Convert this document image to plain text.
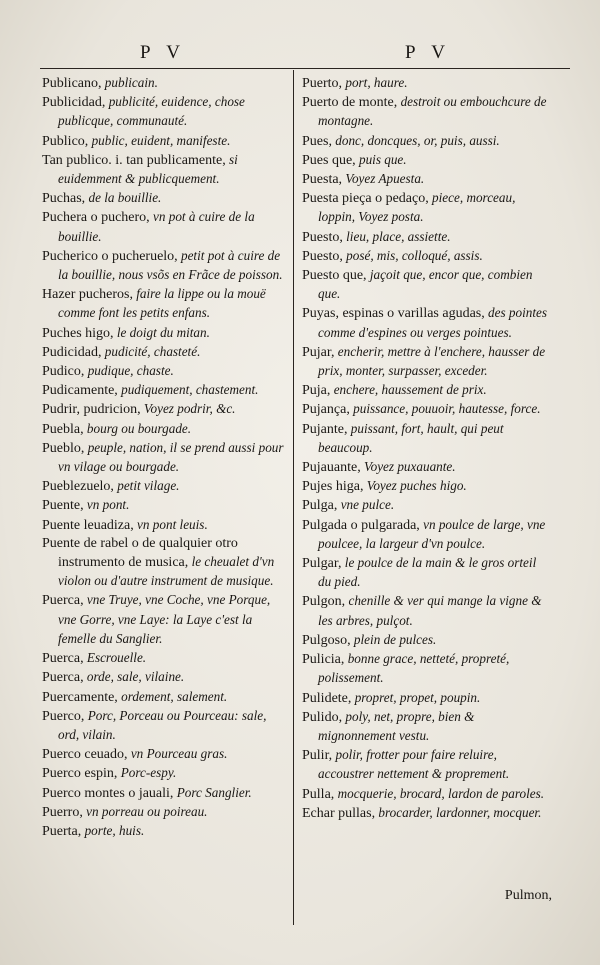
P V	P V

Publicano, publicain.

Publicidad, publicité, euidence, chose publicque, communauté.

Publico, public, euident, manifeste.

Tan publico. i. tan publicamente, si euidemment & publicquement.

Puchas, de la bouillie.

Puchera o puchero, vn pot à cuire de la bouillie.

Pucherico o pucheruelo, petit pot à cuire de la bouillie, nous vsõs en Frãce de poisson.

Hazer pucheros, faire la lippe ou la mouë comme font les petits enfans.

Puches higo, le doigt du mitan.

Pudicidad, pudicité, chasteté.

Pudico, pudique, chaste.

Pudicamente, pudiquement, chastement.

Pudrir, pudricion, Voyez podrir, &c.

Puebla, bourg ou bourgade.

Pueblo, peuple, nation, il se prend aussi pour vn vilage ou bourgade.

Pueblezuelo, petit vilage.

Puente, vn pont.

Puente leuadiza, vn pont leuis.

Puente de rabel o de qualquier otro instrumento de musica, le cheualet d'vn violon ou d'autre instrument de musique.

Puerca, vne Truye, vne Coche, vne Porque, vne Gorre, vne Laye: la Laye c'est la femelle du Sanglier.

Puerca, Escrouelle.

Puerca, orde, sale, vilaine.

Puercamente, ordement, salement.

Puerco, Porc, Porceau ou Pourceau: sale, ord, vilain.

Puerco ceuado, vn Pourceau gras.

Puerco espin, Porc-espy.

Puerco montes o jauali, Porc Sanglier.

Puerro, vn porreau ou poireau.

Puerta, porte, huis.

Puerto, port, haure.

Puerto de monte, destroit ou embouchcure de montagne.

Pues, donc, doncques, or, puis, aussi.

Pues que, puis que.

Puesta, Voyez Apuesta.

Puesta pieça o pedaço, piece, morceau, loppin, Voyez posta.

Puesto, lieu, place, assiette.

Puesto, posé, mis, colloqué, assis.

Puesto que, jaçoit que, encor que, combien que.

Puyas, espinas o varillas agudas, des pointes comme d'espines ou verges pointues.

Pujar, encherir, mettre à l'enchere, hausser de prix, monter, surpasser, exceder.

Puja, enchere, haussement de prix.

Pujança, puissance, pouuoir, hautesse, force.

Pujante, puissant, fort, hault, qui peut beaucoup.

Pujauante, Voyez puxauante.

Pujes higa, Voyez puches higo.

Pulga, vne pulce.

Pulgada o pulgarada, vn poulce de large, vne poulcee, la largeur d'vn poulce.

Pulgar, le poulce de la main & le gros orteil du pied.

Pulgon, chenille & ver qui mange la vigne & les arbres, pulçot.

Pulgoso, plein de pulces.

Pulicia, bonne grace, netteté, propreté, polissement.

Pulidete, propret, propet, poupin.

Pulido, poly, net, propre, bien & mignonnement vestu.

Pulir, polir, frotter pour faire reluire, accoustrer nettement & proprement.

Pulla, mocquerie, brocard, lardon de paroles.

Echar pullas, brocarder, lardonner, mocquer.

Pulmon,
